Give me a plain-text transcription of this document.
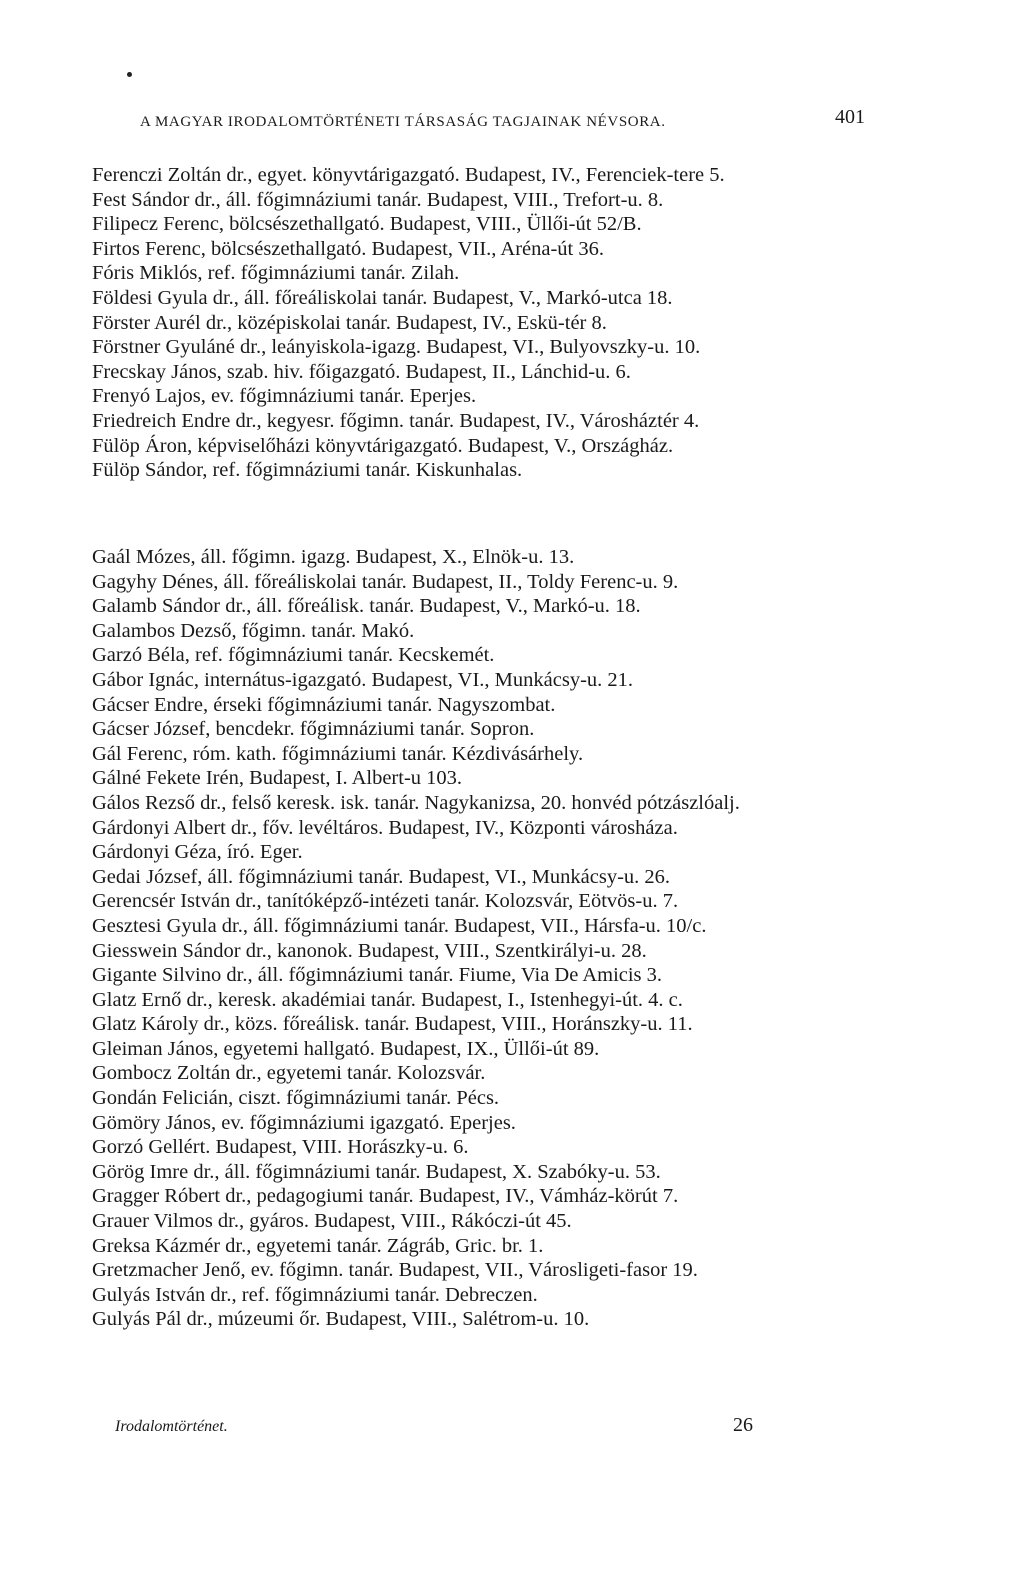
A MAGYAR IRODALOMTÖRTÉNETI TÁRSASÁG TAGJAINAK NÉVSORA.	401
Ferenczi Zoltán dr., egyet. könyvtárigazgató. Budapest, IV., Ferenciek-tere 5.
Fest Sándor dr., áll. főgimnáziumi tanár. Budapest, VIII., Trefort-u. 8.
Filipecz Ferenc, bölcsészethallgató. Budapest, VIII., Üllői-út 52/B.
Firtos Ferenc, bölcsészethallgató. Budapest, VII., Aréna-út 36.
Fóris Miklós, ref. főgimnáziumi tanár. Zilah.
Földesi Gyula dr., áll. főreáliskolai tanár. Budapest, V., Markó-utca 18.
Förster Aurél dr., középiskolai tanár. Budapest, IV., Eskü-tér 8.
Förstner Gyuláné dr., leányiskola-igazg. Budapest, VI., Bulyovszky-u. 10.
Frecskay János, szab. hiv. főigazgató. Budapest, II., Lánchid-u. 6.
Frenyó Lajos, ev. főgimnáziumi tanár. Eperjes.
Friedreich Endre dr., kegyesr. főgimn. tanár. Budapest, IV., Városháztér 4.
Fülöp Áron, képviselőházi könyvtárigazgató. Budapest, V., Országház.
Fülöp Sándor, ref. főgimnáziumi tanár. Kiskunhalas.
Gaál Mózes, áll. főgimn. igazg. Budapest, X., Elnök-u. 13.
Gagyhy Dénes, áll. főreáliskolai tanár. Budapest, II., Toldy Ferenc-u. 9.
Galamb Sándor dr., áll. főreálisk. tanár. Budapest, V., Markó-u. 18.
Galambos Dezső, főgimn. tanár. Makó.
Garzó Béla, ref. főgimnáziumi tanár. Kecskemét.
Gábor Ignác, internátus-igazgató. Budapest, VI., Munkácsy-u. 21.
Gácser Endre, érseki főgimnáziumi tanár. Nagyszombat.
Gácser József, bencdekr. főgimnáziumi tanár. Sopron.
Gál Ferenc, róm. kath. főgimnáziumi tanár. Kézdivásárhely.
Gálné Fekete Irén, Budapest, I. Albert-u 103.
Gálos Rezső dr., felső keresk. isk. tanár. Nagykanizsa, 20. honvéd pótzászlóalj.
Gárdonyi Albert dr., főv. levéltáros. Budapest, IV., Központi városháza.
Gárdonyi Géza, író. Eger.
Gedai József, áll. főgimnáziumi tanár. Budapest, VI., Munkácsy-u. 26.
Gerencsér István dr., tanítóképző-intézeti tanár. Kolozsvár, Eötvös-u. 7.
Gesztesi Gyula dr., áll. főgimnáziumi tanár. Budapest, VII., Hársfa-u. 10/c.
Giesswein Sándor dr., kanonok. Budapest, VIII., Szentkirályi-u. 28.
Gigante Silvino dr., áll. főgimnáziumi tanár. Fiume, Via De Amicis 3.
Glatz Ernő dr., keresk. akadémiai tanár. Budapest, I., Istenhegyi-út. 4. c.
Glatz Károly dr., közs. főreálisk. tanár. Budapest, VIII., Horánszky-u. 11.
Gleiman János, egyetemi hallgató. Budapest, IX., Üllői-út 89.
Gombocz Zoltán dr., egyetemi tanár. Kolozsvár.
Gondán Felicián, ciszt. főgimnáziumi tanár. Pécs.
Gömöry János, ev. főgimnáziumi igazgató. Eperjes.
Gorzó Gellért. Budapest, VIII. Horászky-u. 6.
Görög Imre dr., áll. főgimnáziumi tanár. Budapest, X. Szabóky-u. 53.
Gragger Róbert dr., pedagogiumi tanár. Budapest, IV., Vámház-körút 7.
Grauer Vilmos dr., gyáros. Budapest, VIII., Rákóczi-út 45.
Greksa Kázmér dr., egyetemi tanár. Zágráb, Gric. br. 1.
Gretzmacher Jenő, ev. főgimn. tanár. Budapest, VII., Városligeti-fasor 19.
Gulyás István dr., ref. főgimnáziumi tanár. Debreczen.
Gulyás Pál dr., múzeumi őr. Budapest, VIII., Salétrom-u. 10.
Irodalomtörténet.	26
